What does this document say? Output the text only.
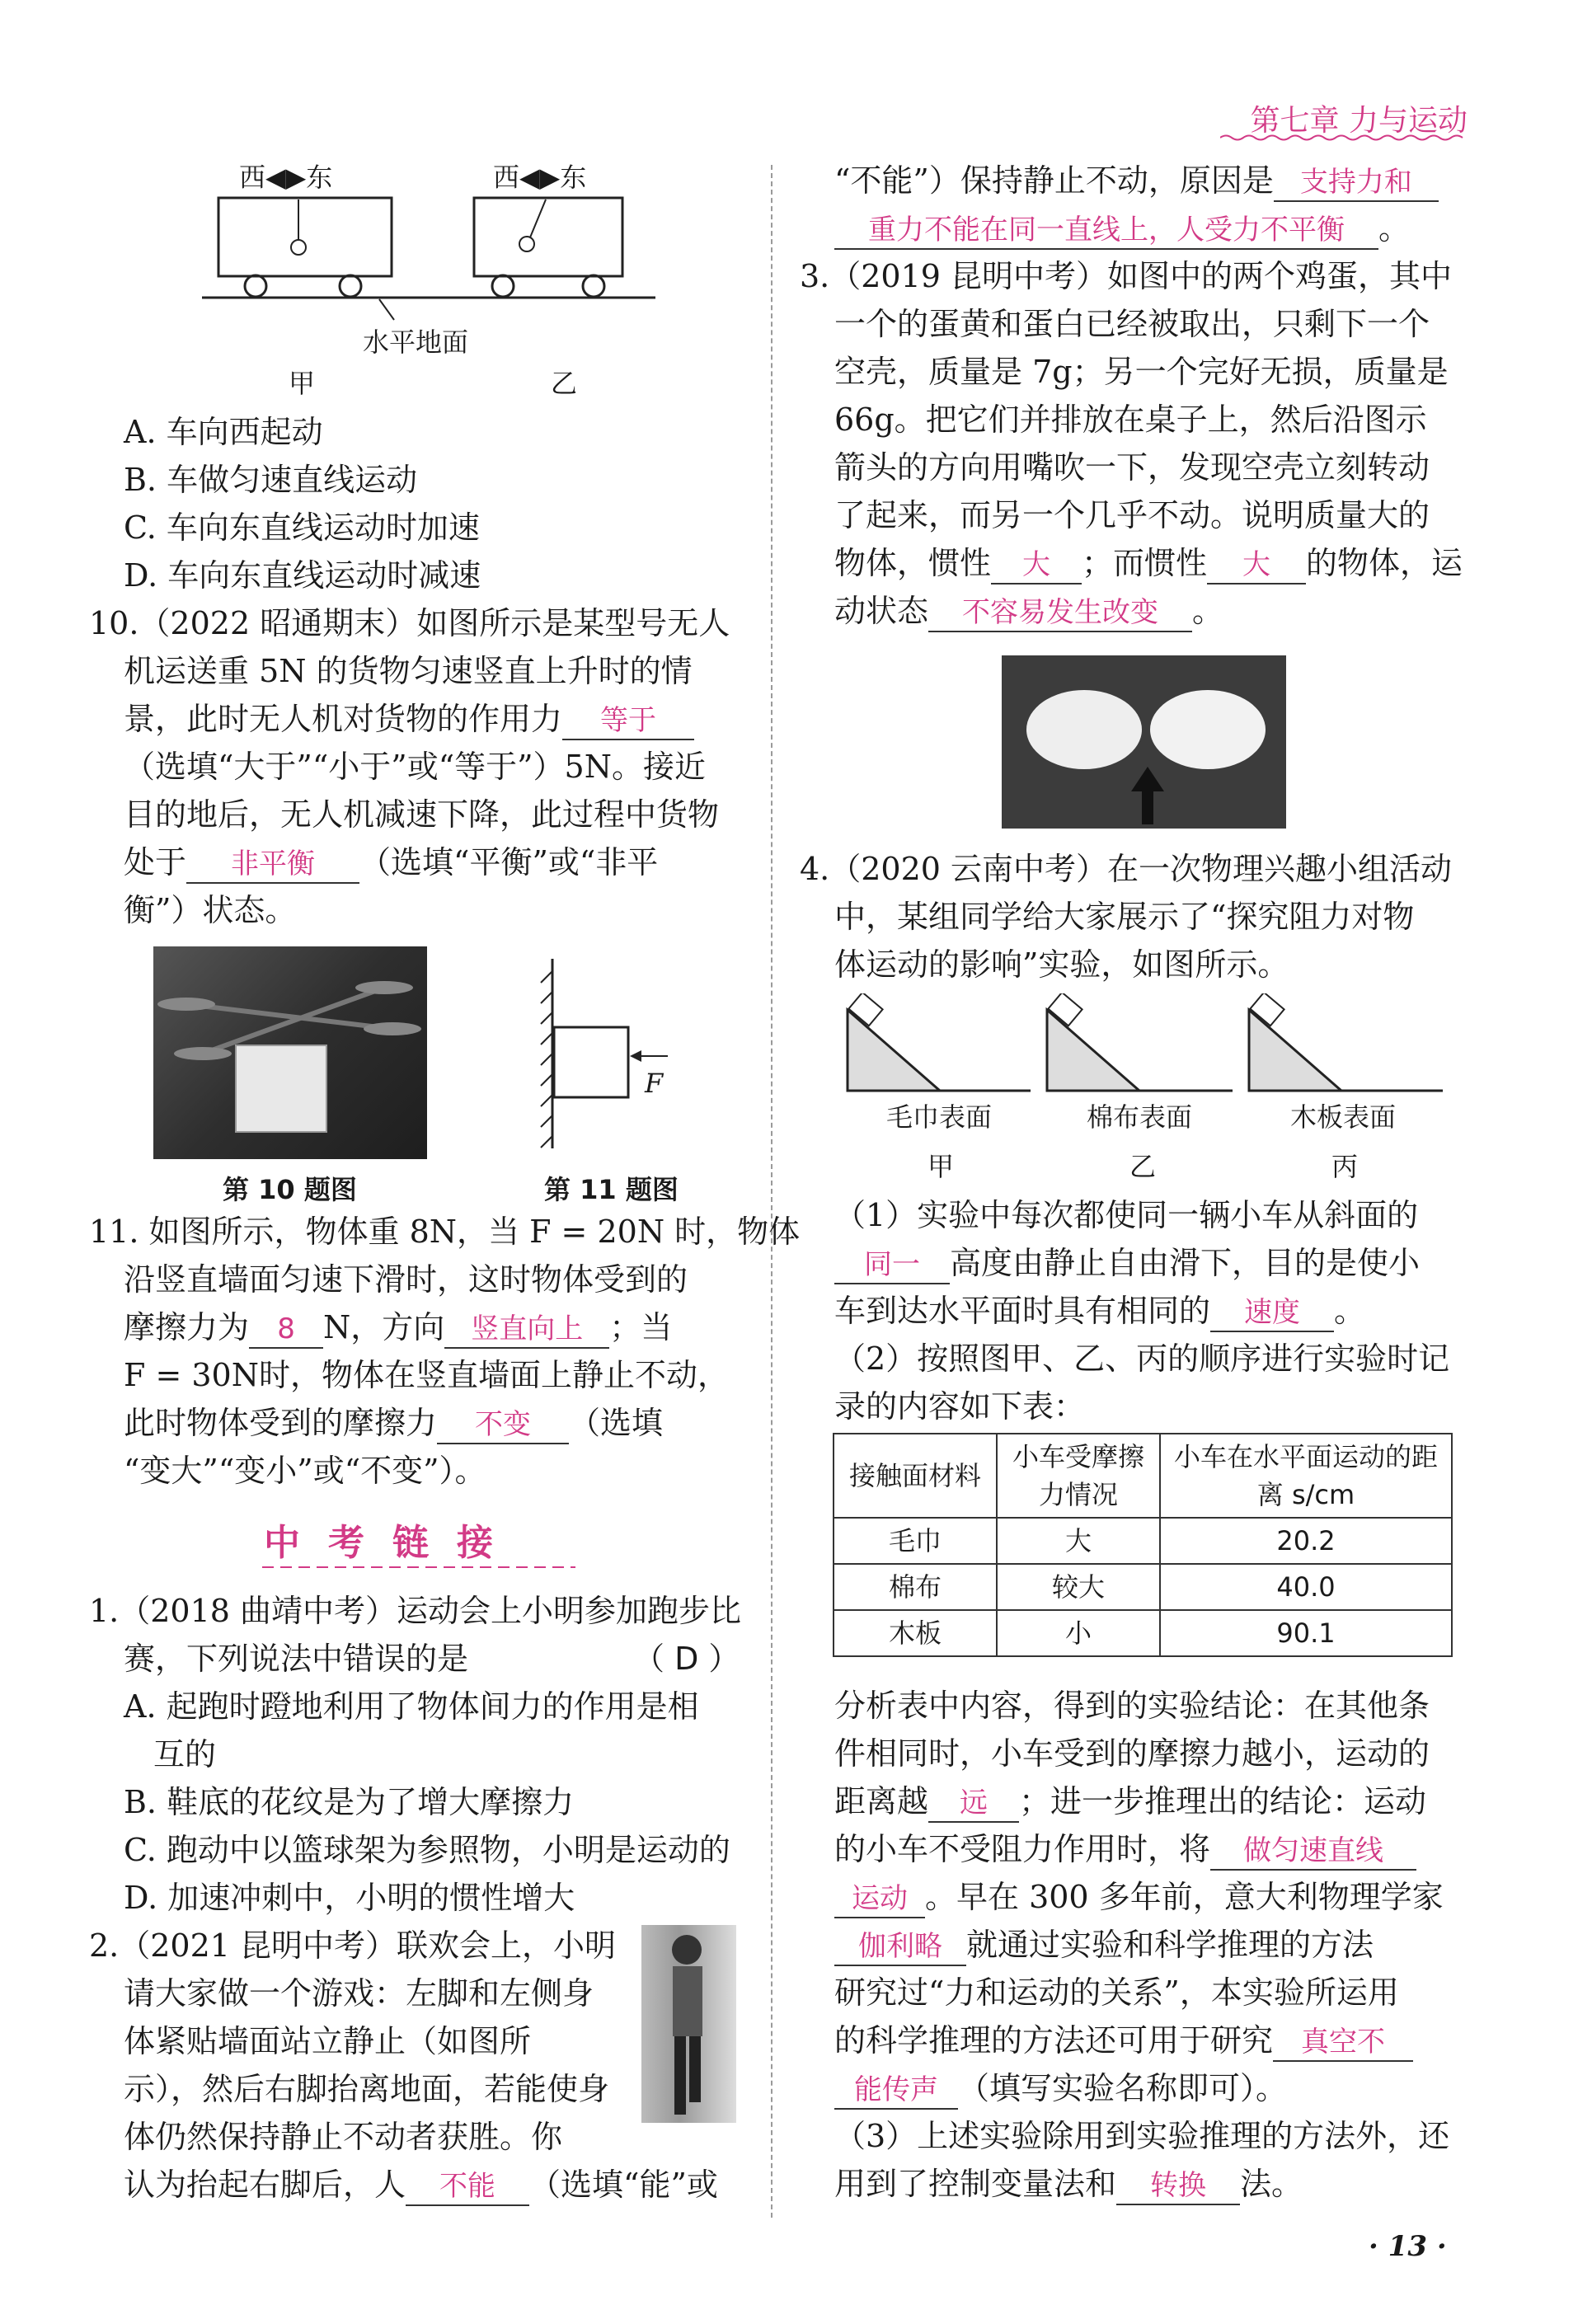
第七章 力与运动
西◀▶东	西◀▶东
水平地面
甲	乙
A. 车向西起动
B. 车做匀速直线运动
C. 车向东直线运动时加速
D. 车向东直线运动时减速
10.（2022 昭通期末）如图所示是某型号无人
机运送重 5N 的货物匀速竖直上升时的情
景，此时无人机对货物的作用力 等于
（选填“大于”“小于”或“等于”）5N。接近
目的地后，无人机减速下降，此过程中货物
处于 非平衡 （选填“平衡”或“非平
衡”）状态。
第 10 题图
F
第 11 题图
11. 如图所示，物体重 8N，当 F = 20N 时，物体
沿竖直墙面匀速下滑时，这时物体受到的
摩擦力为 8 N，方向 竖直向上 ；当
F = 30N时，物体在竖直墙面上静止不动，
此时物体受到的摩擦力 不变 （选填
“变大”“变小”或“不变”）。
中考链接
1.（2018 曲靖中考）运动会上小明参加跑步比
赛，下列说法中错误的是	（ D ）
A. 起跑时蹬地利用了物体间力的作用是相
互的
B. 鞋底的花纹是为了增大摩擦力
C. 跑动中以篮球架为参照物，小明是运动的
D. 加速冲刺中，小明的惯性增大
2.（2021 昆明中考）联欢会上，小明
请大家做一个游戏：左脚和左侧身
体紧贴墙面站立静止（如图所
示），然后右脚抬离地面，若能使身
体仍然保持静止不动者获胜。你
认为抬起右脚后，人 不能 （选填“能”或
“不能”）保持静止不动，原因是 支持力和
重力不能在同一直线上，人受力不平衡 。
3.（2019 昆明中考）如图中的两个鸡蛋，其中
一个的蛋黄和蛋白已经被取出，只剩下一个
空壳，质量是 7g；另一个完好无损，质量是
66g。把它们并排放在桌子上，然后沿图示
箭头的方向用嘴吹一下，发现空壳立刻转动
了起来，而另一个几乎不动。说明质量大的
物体，惯性 大 ；而惯性 大 的物体，运
动状态 不容易发生改变 。
4.（2020 云南中考）在一次物理兴趣小组活动
中，某组同学给大家展示了“探究阻力对物
体运动的影响”实验，如图所示。
毛巾表面	棉布表面	木板表面
甲	乙	丙
（1）实验中每次都使同一辆小车从斜面的
同一 高度由静止自由滑下，目的是使小
车到达水平面时具有相同的 速度 。
（2）按照图甲、乙、丙的顺序进行实验时记
录的内容如下表：
接触面材料	小车受摩擦力情况	小车在水平面运动的距离 s/cm
毛巾	大	20.2
棉布	较大	40.0
木板	小	90.1
分析表中内容，得到的实验结论：在其他条
件相同时，小车受到的摩擦力越小，运动的
距离越 远 ；进一步推理出的结论：运动
的小车不受阻力作用时，将 做匀速直线
运动 。早在 300 多年前，意大利物理学家
伽利略 就通过实验和科学推理的方法
研究过“力和运动的关系”，本实验所运用
的科学推理的方法还可用于研究 真空不
能传声 （填写实验名称即可）。
（3）上述实验除用到实验推理的方法外，还
用到了控制变量法和 转换 法。
· 13 ·
